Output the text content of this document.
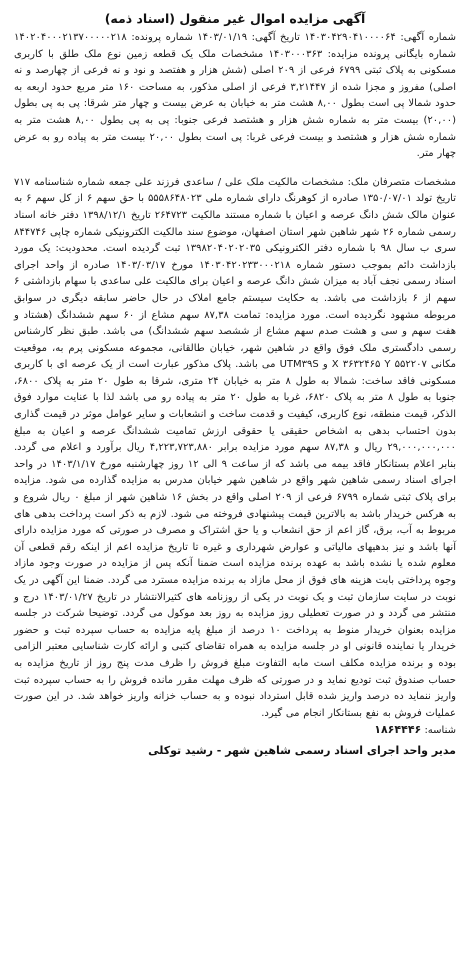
آگهی مزایده اموال غیر منقول (اسناد ذمه)

شماره آگهی: ۱۴۰۳۰۴۲۹۰۴۱۰۰۰۰۶۴ تاریخ آگهی: ۱۴۰۳/۰۱/۱۹ شماره پرونده: ۱۴۰۲۰۴۰۰۰۲۱۳۷۰۰۰۰۰۲۱۸ شماره بایگانی پرونده مزایده: ۱۴۰۳۰۰۰۳۶۳ مشخصات ملک یک قطعه زمین نوع ملک طلق با کاربری مسکونی به پلاک ثبتی ۶۷۹۹ فرعی از ۲۰۹ اصلی (شش هزار و هفتصد و نود و نه فرعی از چهارصد و نه اصلی) مفروز و مجزا شده از ۳,۲۱۴۴۷ فرعی از اصلی مذکور، به مساحت ۱۶۰ متر مربع حدود اربعه به حدود شمالا پی است بطول ۸,۰۰ هشت متر به خیابان به عرض بیست و چهار متر شرقا: پی به پی بطول (۲۰,۰۰) بیست متر به شماره شش هزار و هشتصد فرعی جنوبا: پی به پی بطول ۸,۰۰ هشت متر به شماره شش هزار و هشتصد و بیست فرعی غربا: پی است بطول ۲۰,۰۰ بیست متر به پیاده رو به عرض چهار متر.

مشخصات متصرفان ملک: مشخصات مالکیت ملک علی / ساعدی فرزند علی جمعه شماره شناسنامه ۷۱۷ تاریخ تولد ۱۳۵۰/۰۷/۰۱ صادره از کوهرنگ دارای شماره ملی ۵۵۵۸۶۴۸۰۲۳ با حق سهم ۶ از کل سهم ۶ به عنوان مالک شش دانگ عرصه و اعیان با شماره مستند مالکیت ۲۶۴۷۲۳ تاریخ ۱۳۹۸/۱۲/۱ دفتر خانه اسناد رسمی شماره ۲۶ شهر شاهین شهر استان اصفهان، موضوع سند مالکیت الکترونیکی شماره چاپی ۸۴۴۷۴۶ سری ب سال ۹۸ با شماره دفتر الکترونیکی ۱۳۹۸۲۰۴۰۲۰۲۰۳۵ ثبت گردیده است. محدودیت: یک مورد بازداشت دائم بموجب دستور شماره ۱۴۰۳۰۴۲۰۲۳۳۰۰۰۲۱۸ مورخ ۱۴۰۳/۰۳/۱۷ صادره از واحد اجرای اسناد رسمی نجف آباد به میزان شش دانگ عرصه و اعیان برای مالکیت علی ساعدی با سهام بازداشتی ۶ سهم از ۶ بازداشت می باشد. به حکایت سیستم جامع املاک در حال حاضر سابقه دیگری در سوابق مربوطه مشهود نگردیده است. مورد مزایده: تمامت ۸۷,۳۸ سهم مشاع از ۶۰ سهم ششدانگ (هشتاد و هفت سهم و سی و هشت صدم سهم مشاع از ششصد سهم ششدانگ) می باشد. طبق نظر کارشناس رسمی دادگستری ملک فوق واقع در شاهین شهر، خیابان طالقانی، مجموعه مسکونی پرم به، موقعیت مکانی ۵۵۲۲۰۷ X ۳۶۳۲۴۶۵ Y و UTM۳۹S می باشد. پلاک مذکور عبارت است از یک عرصه ای با کاربری مسکونی فاقد ساخت: شمالا به طول ۸ متر به خیابان ۲۴ متری، شرقا به طول ۲۰ متر به پلاک ۶۸۰۰، جنوبا به طول ۸ متر به پلاک ۶۸۲۰، غربا به طول ۲۰ متر به پیاده رو می باشد لذا با عنایت موارد فوق الذکر، قیمت منطقه، نوع کاربری، کیفیت و قدمت ساخت و انشعابات و سایر عوامل موثر در قیمت گذاری بدون احتساب بدهی به اشخاص حقیقی یا حقوقی ارزش تمامیت ششدانگ عرصه و اعیان به مبلغ ۲۹,۰۰۰,۰۰۰,۰۰۰ ریال و ۸۷,۳۸ سهم مورد مزایده برابر ۴,۲۲۳,۷۲۳,۸۸۰ ریال برآورد و اعلام می گردد. بنابر اعلام بستانکار فاقد بیمه می باشد که از ساعت ۹ الی ۱۲ روز چهارشنبه مورخ ۱۴۰۳/۱/۱۷ در واحد اجرای اسناد رسمی شاهین شهر واقع در شاهین شهر خیابان مدرس به مزایده گذارده می شود. مزایده برای پلاک ثبتی شماره ۶۷۹۹ فرعی از ۲۰۹ اصلی واقع در بخش ۱۶ شاهین شهر از مبلغ ۰ ریال شروع و به هرکس خریدار باشد به بالاترین قیمت پیشنهادی فروخته می شود. لازم به ذکر است پرداخت بدهی های مربوط به آب، برق، گاز اعم از حق انشعاب و یا حق اشتراک و مصرف در صورتی که مورد مزایده دارای آنها باشد و نیز بدهیهای مالیاتی و عوارض شهرداری و غیره تا تاریخ مزایده اعم از اینکه رقم قطعی آن معلوم شده یا نشده باشد به عهده برنده مزایده است ضمنا آنکه پس از مزایده در صورت وجود مازاد وجوه پرداختی بابت هزینه های فوق از محل مازاد به برنده مزایده مسترد می گردد. ضمنا این آگهی در یک نوبت در سایت سازمان ثبت و یک نوبت در یکی از روزنامه های کثیرالانتشار در تاریخ ۱۴۰۳/۰۱/۲۷ درج و منتشر می گردد و در صورت تعطیلی روز مزایده به روز بعد موکول می گردد. توضیحا شرکت در جلسه مزایده بعنوان خریدار منوط به پرداخت ۱۰ درصد از مبلغ پایه مزایده به حساب سپرده ثبت و حضور خریدار یا نماینده قانونی او در جلسه مزایده به همراه تقاضای کتبی و ارائه کارت شناسایی معتبر الزامی بوده و برنده مزایده مکلف است مابه التفاوت مبلغ فروش را ظرف مدت پنج روز از تاریخ مزایده به حساب صندوق ثبت تودیع نماید و در صورتی که ظرف مهلت مقرر مانده فروش را به حساب سپرده ثبت واریز ننماید ده درصد واریز شده قابل استرداد نبوده و به حساب خزانه واریز خواهد شد. در این صورت عملیات فروش به نفع بستانکار انجام می گیرد.

شناسه: ۱۸۶۴۴۴۶

مدیر واحد اجرای اسناد رسمی شاهین شهر - رشید توکلی
